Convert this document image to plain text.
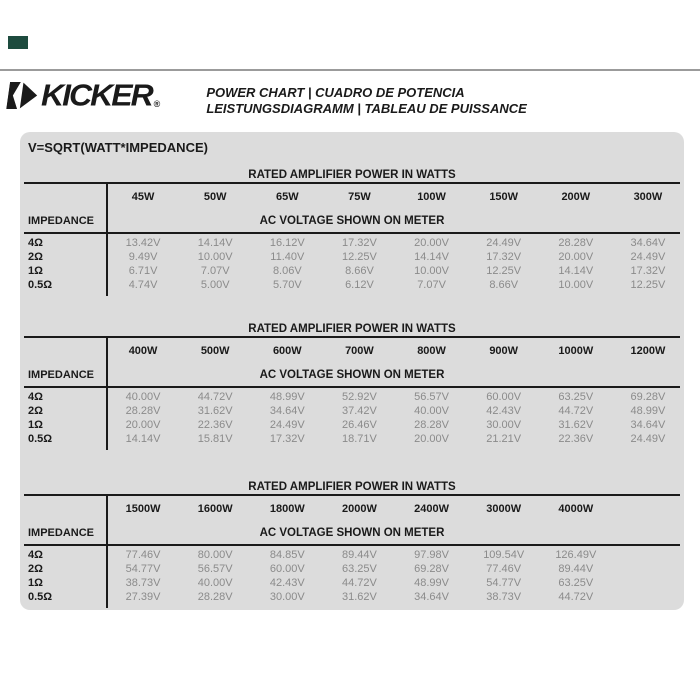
KICKER ®
POWER CHART | CUADRO DE POTENCIA
LEISTUNGSDIAGRAMM | TABLEAU DE PUISSANCE
V=SQRT(WATT*IMPEDANCE)
RATED AMPLIFIER POWER IN WATTS
45W	50W	65W	75W	100W	150W	200W	300W
IMPEDANCE	AC VOLTAGE SHOWN ON METER
4Ω	13.42V	14.14V	16.12V	17.32V	20.00V	24.49V	28.28V	34.64V
2Ω	9.49V	10.00V	11.40V	12.25V	14.14V	17.32V	20.00V	24.49V
1Ω	6.71V	7.07V	8.06V	8.66V	10.00V	12.25V	14.14V	17.32V
0.5Ω	4.74V	5.00V	5.70V	6.12V	7.07V	8.66V	10.00V	12.25V
RATED AMPLIFIER POWER IN WATTS
400W	500W	600W	700W	800W	900W	1000W	1200W
IMPEDANCE	AC VOLTAGE SHOWN ON METER
4Ω	40.00V	44.72V	48.99V	52.92V	56.57V	60.00V	63.25V	69.28V
2Ω	28.28V	31.62V	34.64V	37.42V	40.00V	42.43V	44.72V	48.99V
1Ω	20.00V	22.36V	24.49V	26.46V	28.28V	30.00V	31.62V	34.64V
0.5Ω	14.14V	15.81V	17.32V	18.71V	20.00V	21.21V	22.36V	24.49V
RATED AMPLIFIER POWER IN WATTS
1500W	1600W	1800W	2000W	2400W	3000W	4000W
IMPEDANCE	AC VOLTAGE SHOWN ON METER
4Ω	77.46V	80.00V	84.85V	89.44V	97.98V	109.54V	126.49V
2Ω	54.77V	56.57V	60.00V	63.25V	69.28V	77.46V	89.44V
1Ω	38.73V	40.00V	42.43V	44.72V	48.99V	54.77V	63.25V
0.5Ω	27.39V	28.28V	30.00V	31.62V	34.64V	38.73V	44.72V
